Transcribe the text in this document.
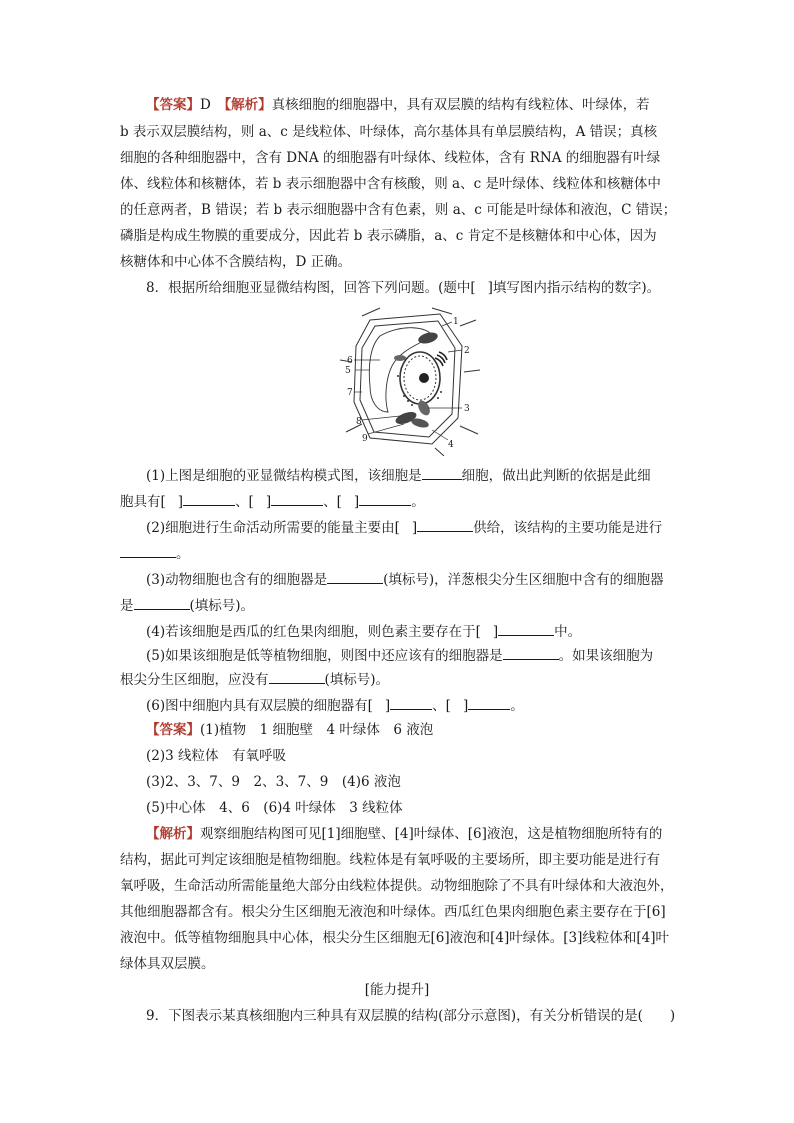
【答案】D　 【解析】真核细胞的细胞器中，具有双层膜的结构有线粒体、叶绿体，若
b 表示双层膜结构，则 a、c 是线粒体、叶绿体，高尔基体具有单层膜结构，A 错误；真核
细胞的各种细胞器中，含有 DNA 的细胞器有叶绿体、线粒体，含有 RNA 的细胞器有叶绿
体、线粒体和核糖体，若 b 表示细胞器中含有核酸，则 a、c 是叶绿体、线粒体和核糖体中
的任意两者，B 错误；若 b 表示细胞器中含有色素，则 a、c 可能是叶绿体和液泡，C 错误；
磷脂是构成生物膜的重要成分，因此若 b 表示磷脂，a、c 肯定不是核糖体和中心体，因为
核糖体和中心体不含膜结构，D 正确。
8．根据所给细胞亚显微结构图，回答下列问题。(题中[ ]填写图内指示结构的数字)。
1
2
3
4
5
6
7
8
9
(1)上图是细胞的亚显微结构模式图，该细胞是	细胞，做出此判断的依据是此细
胞具有[ ]	、[ ]	、[ ]	。
(2)细胞进行生命活动所需要的能量主要由[ ]	供给，该结构的主要功能是进行
。
(3)动物细胞也含有的细胞器是	(填标号)，洋葱根尖分生区细胞中含有的细胞器
是	(填标号)。
(4)若该细胞是西瓜的红色果肉细胞，则色素主要存在于[ ]	中。
(5)如果该细胞是低等植物细胞，则图中还应该有的细胞器是	。如果该细胞为
根尖分生区细胞，应没有	(填标号)。
(6)图中细胞内具有双层膜的细胞器有[ ]	、[ ]	。
【答案】(1)植物　1 细胞壁　4 叶绿体　6 液泡
(2)3 线粒体　有氧呼吸
(3)2、3、7、9　2、3、7、9　(4)6 液泡
(5)中心体　4、6　(6)4 叶绿体　3 线粒体
【解析】观察细胞结构图可见[1]细胞壁、[4]叶绿体、[6]液泡，这是植物细胞所特有的
结构，据此可判定该细胞是植物细胞。线粒体是有氧呼吸的主要场所，即主要功能是进行有
氧呼吸，生命活动所需能量绝大部分由线粒体提供。动物细胞除了不具有叶绿体和大液泡外，
其他细胞器都含有。根尖分生区细胞无液泡和叶绿体。西瓜红色果肉细胞色素主要存在于[6]
液泡中。低等植物细胞具中心体，根尖分生区细胞无[6]液泡和[4]叶绿体。[3]线粒体和[4]叶
绿体具双层膜。
[能力提升]
9．下图表示某真核细胞内三种具有双层膜的结构(部分示意图)，有关分析错误的是(　　)
